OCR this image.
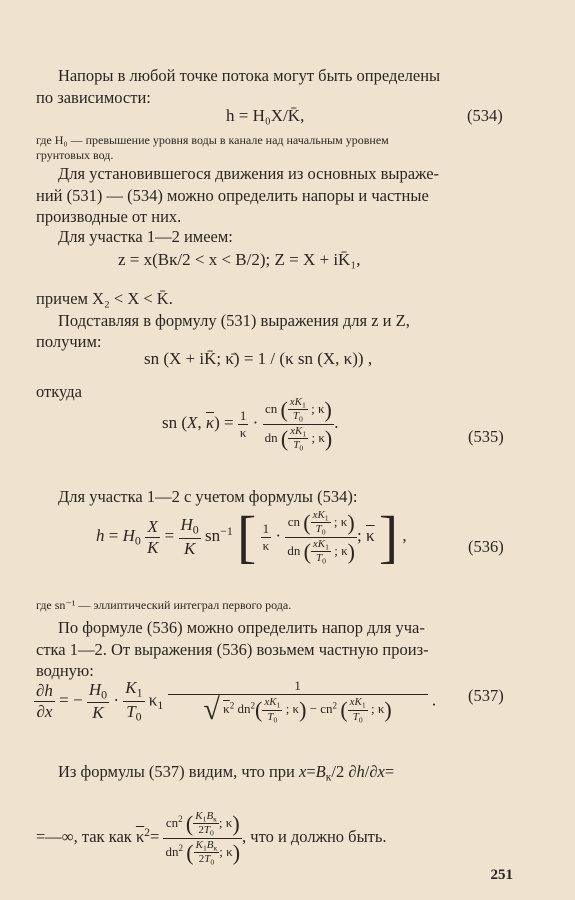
Напоры в любой точке потока могут быть определены
по зависимости:
h = H₀X/K̄,	(534)
где H₀ — превышение уровня воды в канале над начальным уровнем
грунтовых вод.
Для установившегося движения из основных выраже-
ний (531) — (534) можно определить напоры и частные
производные от них.
Для участка 1—2 имеем:
z = x(Bк/2 < x < B/2); Z = X + iK̄₁,
причем X₂ < X < K̄.
Подставляя в формулу (531) выражения для z и Z,
получим:
sn (X + iK̄; κ̄) = 1 / (κ sn (X, κ)) ,
откуда
sn (X, $\overline{\kappa}) = \frac{1}{\kappa} \cdot \frac{cn ( \frac{xK_1}{T_0} ; \kappa)}{dn ( \frac{xK_1}{T_0} ; \kappa)}$ .
(535)
Для участка 1—2 с учетом формулы (534):
$h = H_0 \frac{X}{K} = \frac{H_0}{K} sn^{-1}$ [ $\frac{1}{\kappa} \cdot \frac{cn ( \frac{xK_1}{T_0} ; \kappa)}{dn ( \frac{xK_1}{T_0} ; \kappa)}$ ; $\overline{\kappa}$ ] ,
(536)
где sn⁻¹ — эллиптический интеграл первого рода.
По формуле (536) можно определить напор для уча-
стка 1—2. От выражения (536) возьмем частную произ-
водную:
$\frac{\partial h}{\partial x}$ = − $\frac{H_0}{K} \cdot \frac{K_1}{T_0} \kappa_1 \frac{1}{√ \kappa^2 dn^2( \frac{xK_1}{T_0} ; \kappa) - cn^2 ( \frac{xK_1}{T_0} ; \kappa)}$ . (537)
Из формулы (537) видим, что при $x=B_к/2$ ∂h/∂x=
=—∞, так как $\overline{\kappa}^2= \frac{cn^2 ( \frac{K_1B_к}{2T_0} ; \kappa)}{dn^2 ( \frac{K_1B_к}{2T_0} ; \kappa)}$ , что и должно быть.
251
